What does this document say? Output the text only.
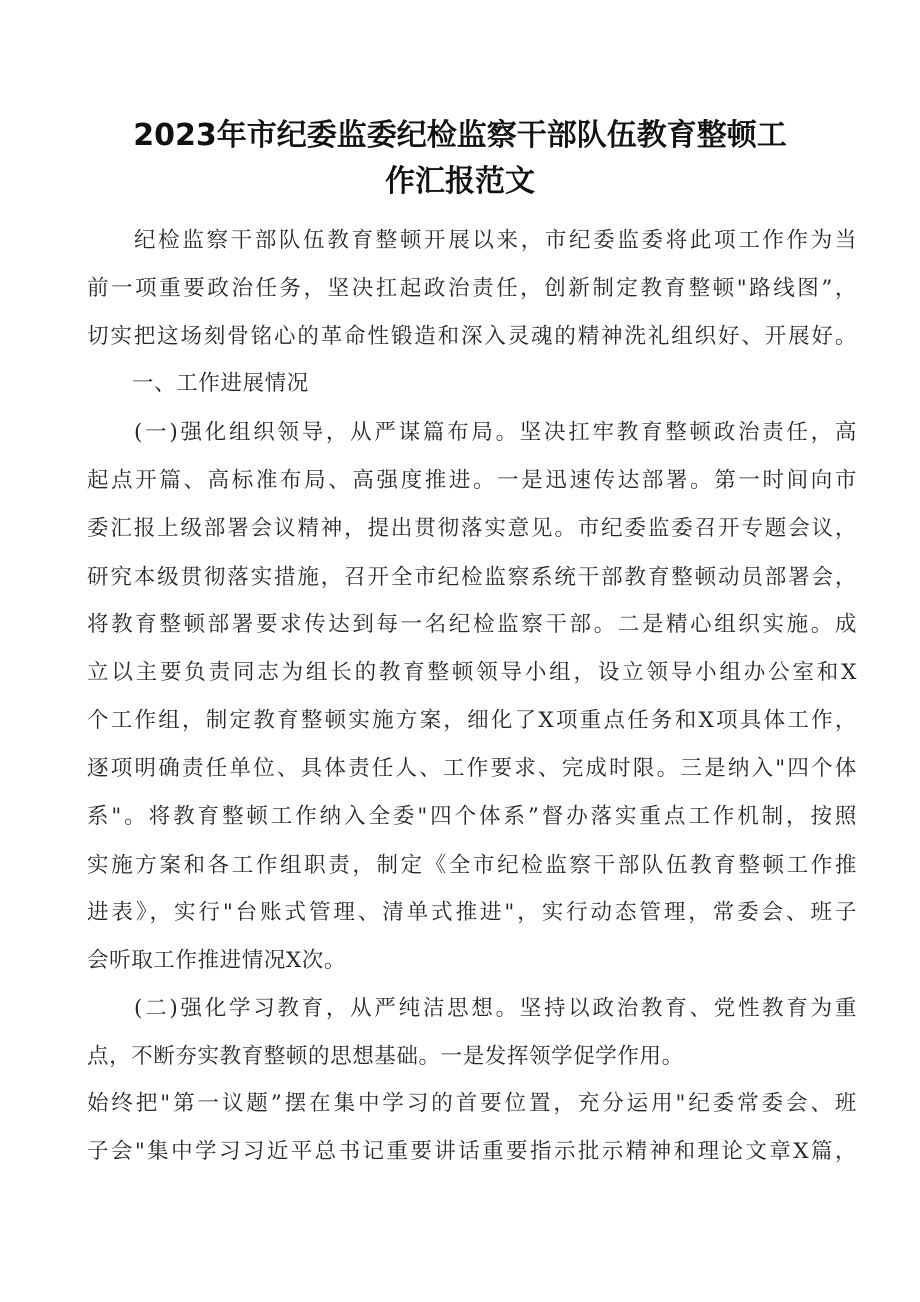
2023年市纪委监委纪检监察干部队伍教育整顿工
作汇报范文

纪检监察干部队伍教育整顿开展以来，市纪委监委将此项工作作为当

前一项重要政治任务，坚决扛起政治责任，创新制定教育整顿"路线图”，

切实把这场刻骨铭心的革命性锻造和深入灵魂的精神洗礼组织好、开展好。

一、工作进展情况

(一)强化组织领导，从严谋篇布局。坚决扛牢教育整顿政治责任，高

起点开篇、高标准布局、高强度推进。一是迅速传达部署。第一时间向市

委汇报上级部署会议精神，提出贯彻落实意见。市纪委监委召开专题会议，

研究本级贯彻落实措施，召开全市纪检监察系统干部教育整顿动员部署会，

将教育整顿部署要求传达到每一名纪检监察干部。二是精心组织实施。成

立以主要负责同志为组长的教育整顿领导小组，设立领导小组办公室和X

个工作组，制定教育整顿实施方案，细化了X项重点任务和X项具体工作，

逐项明确责任单位、具体责任人、工作要求、完成时限。三是纳入"四个体

系"。将教育整顿工作纳入全委"四个体系”督办落实重点工作机制，按照

实施方案和各工作组职责，制定《全市纪检监察干部队伍教育整顿工作推

进表》，实行"台账式管理、清单式推进"，实行动态管理，常委会、班子

会听取工作推进情况X次。

(二)强化学习教育，从严纯洁思想。坚持以政治教育、党性教育为重

点，不断夯实教育整顿的思想基础。一是发挥领学促学作用。

始终把"第一议题”摆在集中学习的首要位置，充分运用"纪委常委会、班

子会"集中学习习近平总书记重要讲话重要指示批示精神和理论文章X篇，
